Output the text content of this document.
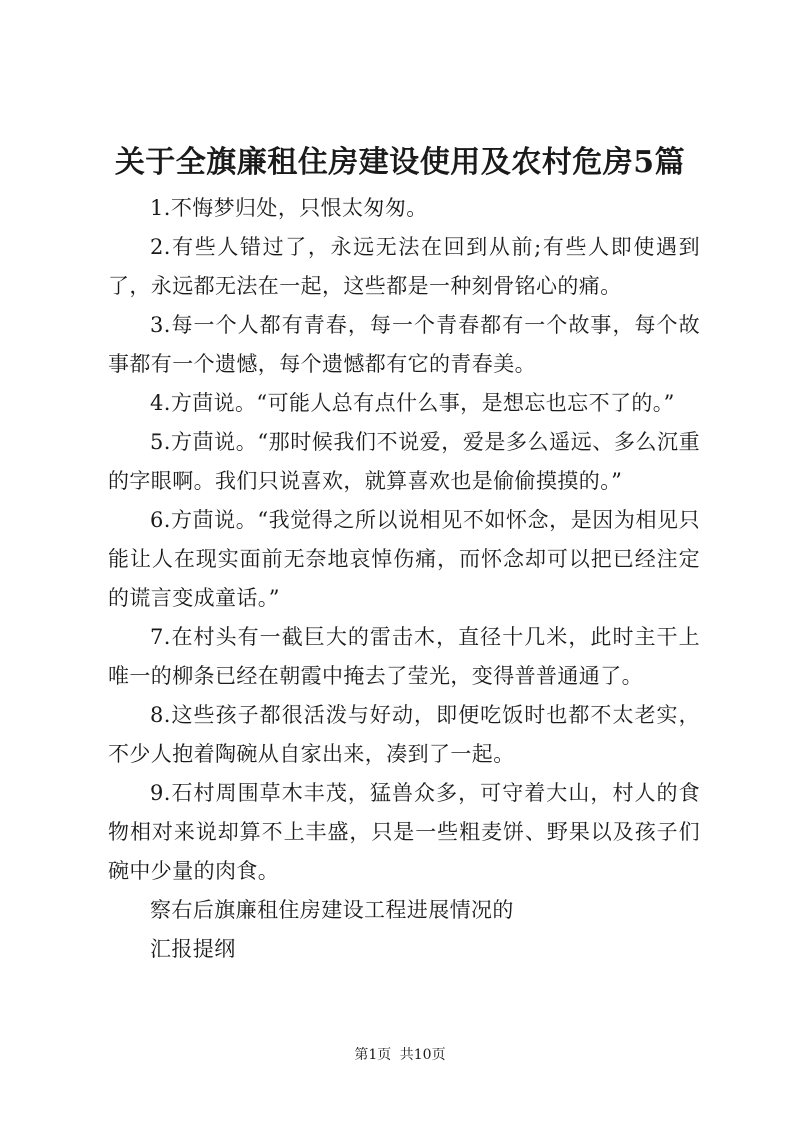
关于全旗廉租住房建设使用及农村危房5篇

1.不悔梦归处，只恨太匆匆。

2.有些人错过了，永远无法在回到从前;有些人即使遇到了，永远都无法在一起，这些都是一种刻骨铭心的痛。

3.每一个人都有青春，每一个青春都有一个故事，每个故事都有一个遗憾，每个遗憾都有它的青春美。

4.方茴说。“可能人总有点什么事，是想忘也忘不了的。”

5.方茴说。“那时候我们不说爱，爱是多么遥远、多么沉重的字眼啊。我们只说喜欢，就算喜欢也是偷偷摸摸的。”

6.方茴说。“我觉得之所以说相见不如怀念，是因为相见只能让人在现实面前无奈地哀悼伤痛，而怀念却可以把已经注定的谎言变成童话。”

7.在村头有一截巨大的雷击木，直径十几米，此时主干上唯一的柳条已经在朝霞中掩去了莹光，变得普普通通了。

8.这些孩子都很活泼与好动，即便吃饭时也都不太老实，不少人抱着陶碗从自家出来，凑到了一起。

9.石村周围草木丰茂，猛兽众多，可守着大山，村人的食物相对来说却算不上丰盛，只是一些粗麦饼、野果以及孩子们碗中少量的肉食。

察右后旗廉租住房建设工程进展情况的

汇报提纲

第1页 共10页
